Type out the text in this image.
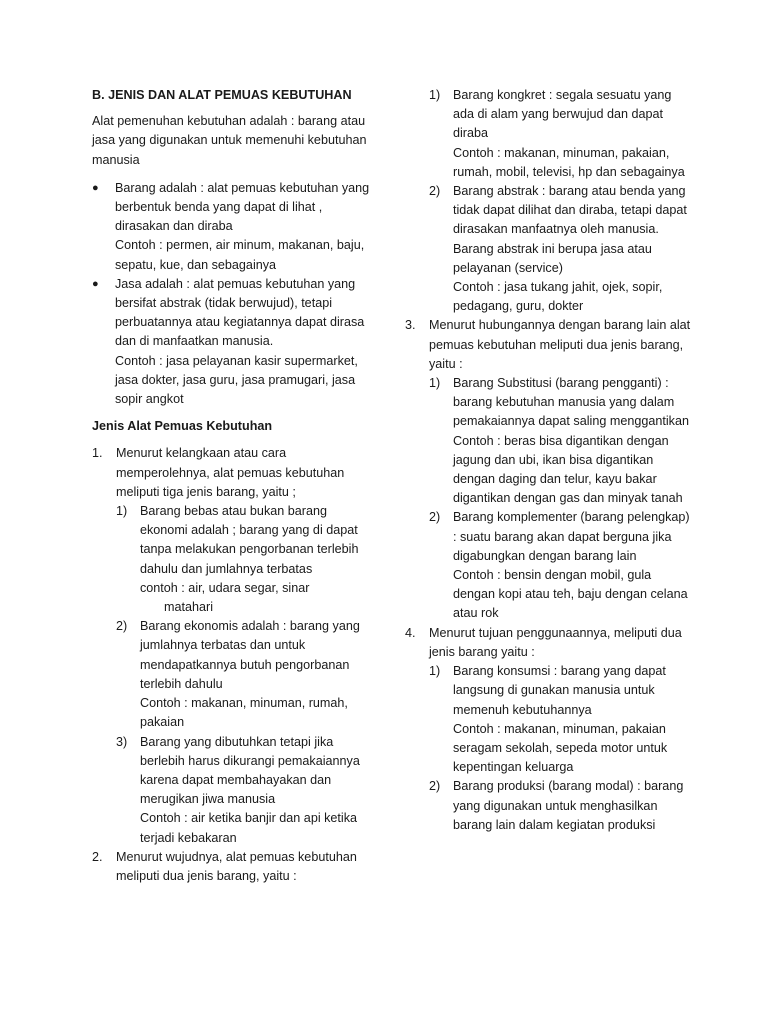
B. JENIS DAN ALAT PEMUAS KEBUTUHAN
Alat pemenuhan kebutuhan adalah : barang atau jasa yang digunakan untuk memenuhi kebutuhan manusia
●	Barang adalah : alat pemuas kebutuhan yang berbentuk benda yang dapat di lihat , dirasakan dan diraba
Contoh : permen, air minum, makanan, baju, sepatu, kue, dan sebagainya
●	Jasa adalah : alat pemuas kebutuhan yang bersifat abstrak (tidak berwujud), tetapi perbuatannya atau kegiatannya dapat dirasa dan di manfaatkan manusia.
Contoh : jasa pelayanan kasir supermarket, jasa dokter, jasa guru, jasa pramugari, jasa sopir angkot
Jenis Alat Pemuas Kebutuhan
1.	Menurut kelangkaan atau cara memperolehnya, alat pemuas kebutuhan meliputi tiga jenis barang, yaitu ;
1)	Barang bebas atau bukan barang ekonomi adalah ; barang yang di dapat tanpa melakukan pengorbanan terlebih dahulu dan jumlahnya terbatas
contoh : air, udara segar, sinar
matahari
2)	Barang ekonomis adalah : barang yang jumlahnya terbatas dan untuk mendapatkannya butuh pengorbanan terlebih dahulu
Contoh : makanan, minuman, rumah, pakaian
3)	Barang yang dibutuhkan tetapi jika berlebih harus dikurangi pemakaiannya karena dapat membahayakan dan merugikan jiwa manusia
Contoh : air ketika banjir dan api ketika terjadi kebakaran
2.	Menurut wujudnya, alat pemuas kebutuhan meliputi dua jenis barang, yaitu :
1)	Barang kongkret : segala sesuatu yang ada di alam yang berwujud dan dapat diraba
Contoh : makanan, minuman, pakaian, rumah, mobil, televisi, hp dan sebagainya
2)	Barang abstrak : barang atau benda yang tidak dapat dilihat dan diraba, tetapi dapat dirasakan manfaatnya oleh manusia. Barang abstrak ini berupa jasa atau pelayanan (service)
Contoh : jasa tukang jahit, ojek, sopir, pedagang, guru, dokter
3.	Menurut hubungannya dengan barang lain alat pemuas kebutuhan meliputi dua jenis barang, yaitu :
1)	Barang Substitusi (barang pengganti) : barang kebutuhan manusia yang dalam pemakaiannya dapat saling menggantikan
Contoh : beras bisa digantikan dengan jagung dan ubi, ikan bisa digantikan dengan daging dan telur, kayu bakar digantikan dengan gas dan minyak tanah
2)	Barang komplementer (barang pelengkap) : suatu barang akan dapat berguna jika digabungkan dengan barang lain
Contoh : bensin dengan mobil, gula dengan kopi atau teh, baju dengan celana atau rok
4.	Menurut tujuan penggunaannya, meliputi dua jenis barang yaitu :
1)	Barang konsumsi : barang yang dapat langsung di gunakan manusia untuk memenuh kebutuhannya
Contoh : makanan, minuman, pakaian seragam sekolah, sepeda motor untuk kepentingan keluarga
2)	Barang produksi (barang modal) : barang yang digunakan untuk menghasilkan barang lain dalam kegiatan produksi
